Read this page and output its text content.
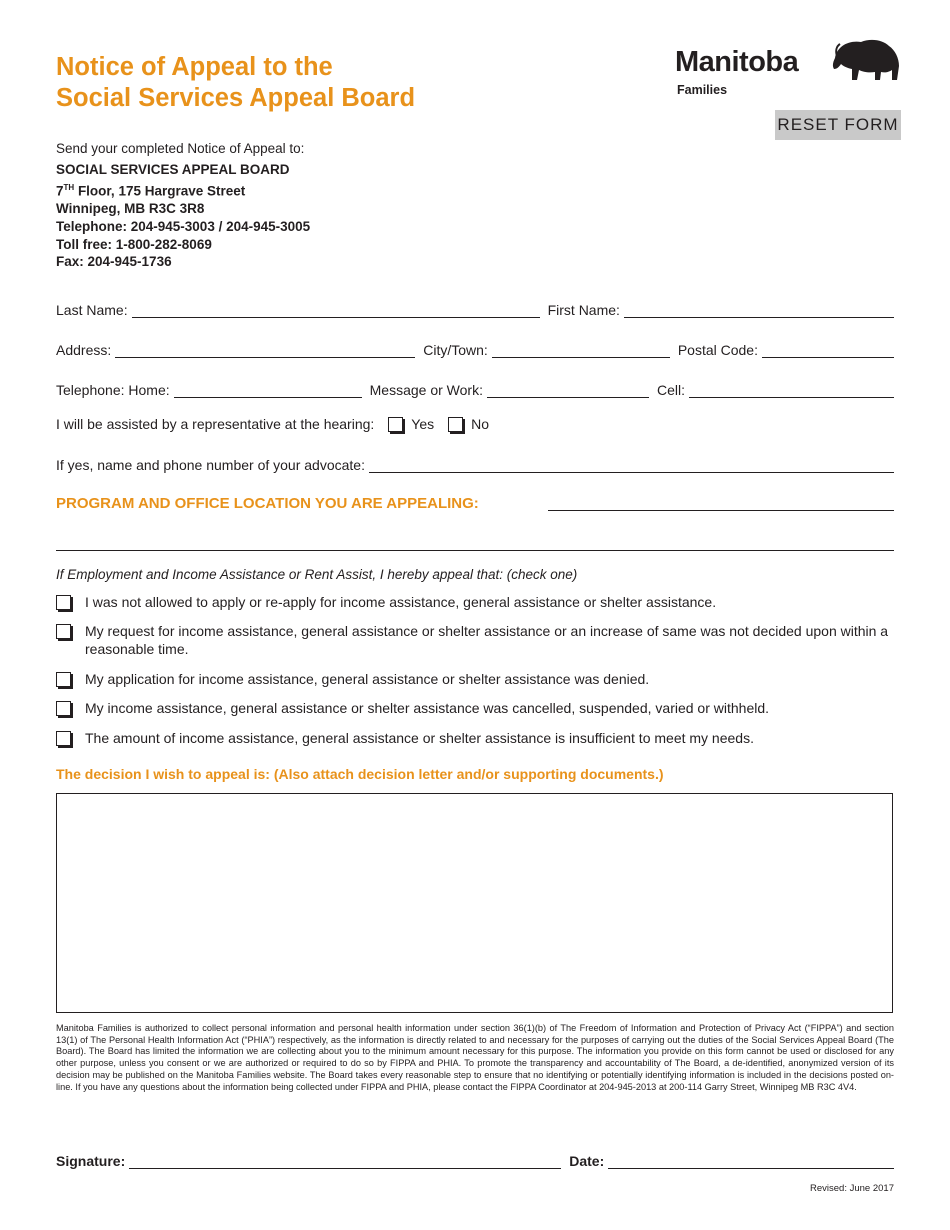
Notice of Appeal to the
Social Services Appeal Board
Manitoba
Families
RESET FORM
Send your completed Notice of Appeal to:
SOCIAL SERVICES APPEAL BOARD
7TH Floor, 175 Hargrave Street
Winnipeg, MB R3C 3R8
Telephone: 204-945-3003 / 204-945-3005
Toll free: 1-800-282-8069
Fax: 204-945-1736
Last Name:	First Name:
Address:	City/Town:	Postal Code:
Telephone: Home:	Message or Work:	Cell:
I will be assisted by a representative at the hearing:	Yes	No
If yes, name and phone number of your advocate:
PROGRAM AND OFFICE LOCATION YOU ARE APPEALING:
If Employment and Income Assistance or Rent Assist, I hereby appeal that: (check one)
I was not allowed to apply or re-apply for income assistance, general assistance or shelter assistance.
My request for income assistance, general assistance or shelter assistance or an increase of same was not decided upon within a reasonable time.
My application for income assistance, general assistance or shelter assistance was denied.
My income assistance, general assistance or shelter assistance was cancelled, suspended, varied or withheld.
The amount of income assistance, general assistance or shelter assistance is insufficient to meet my needs.
The decision I wish to appeal is: (Also attach decision letter and/or supporting documents.)
Manitoba Families is authorized to collect personal information and personal health information under section 36(1)(b) of The Freedom of Information and Protection of Privacy Act (“FIPPA”) and section 13(1) of The Personal Health Information Act (“PHIA”) respectively, as the information is directly related to and necessary for the purposes of carrying out the duties of the Social Services Appeal Board (The Board). The Board has limited the information we are collecting about you to the minimum amount necessary for this purpose. The information you provide on this form cannot be used or disclosed for any other purpose, unless you consent or we are authorized or required to do so by FIPPA and PHIA. To promote the transparency and accountability of The Board, a de-identified, anonymized version of its decision may be published on the Manitoba Families website. The Board takes every reasonable step to ensure that no identifying or potentially identifying information is included in the decisions posted on-line. If you have any questions about the information being collected under FIPPA and PHIA, please contact the FIPPA Coordinator at 204-945-2013 at 200-114 Garry Street, Winnipeg MB R3C 4V4.
Signature:	Date:
Revised: June 2017
